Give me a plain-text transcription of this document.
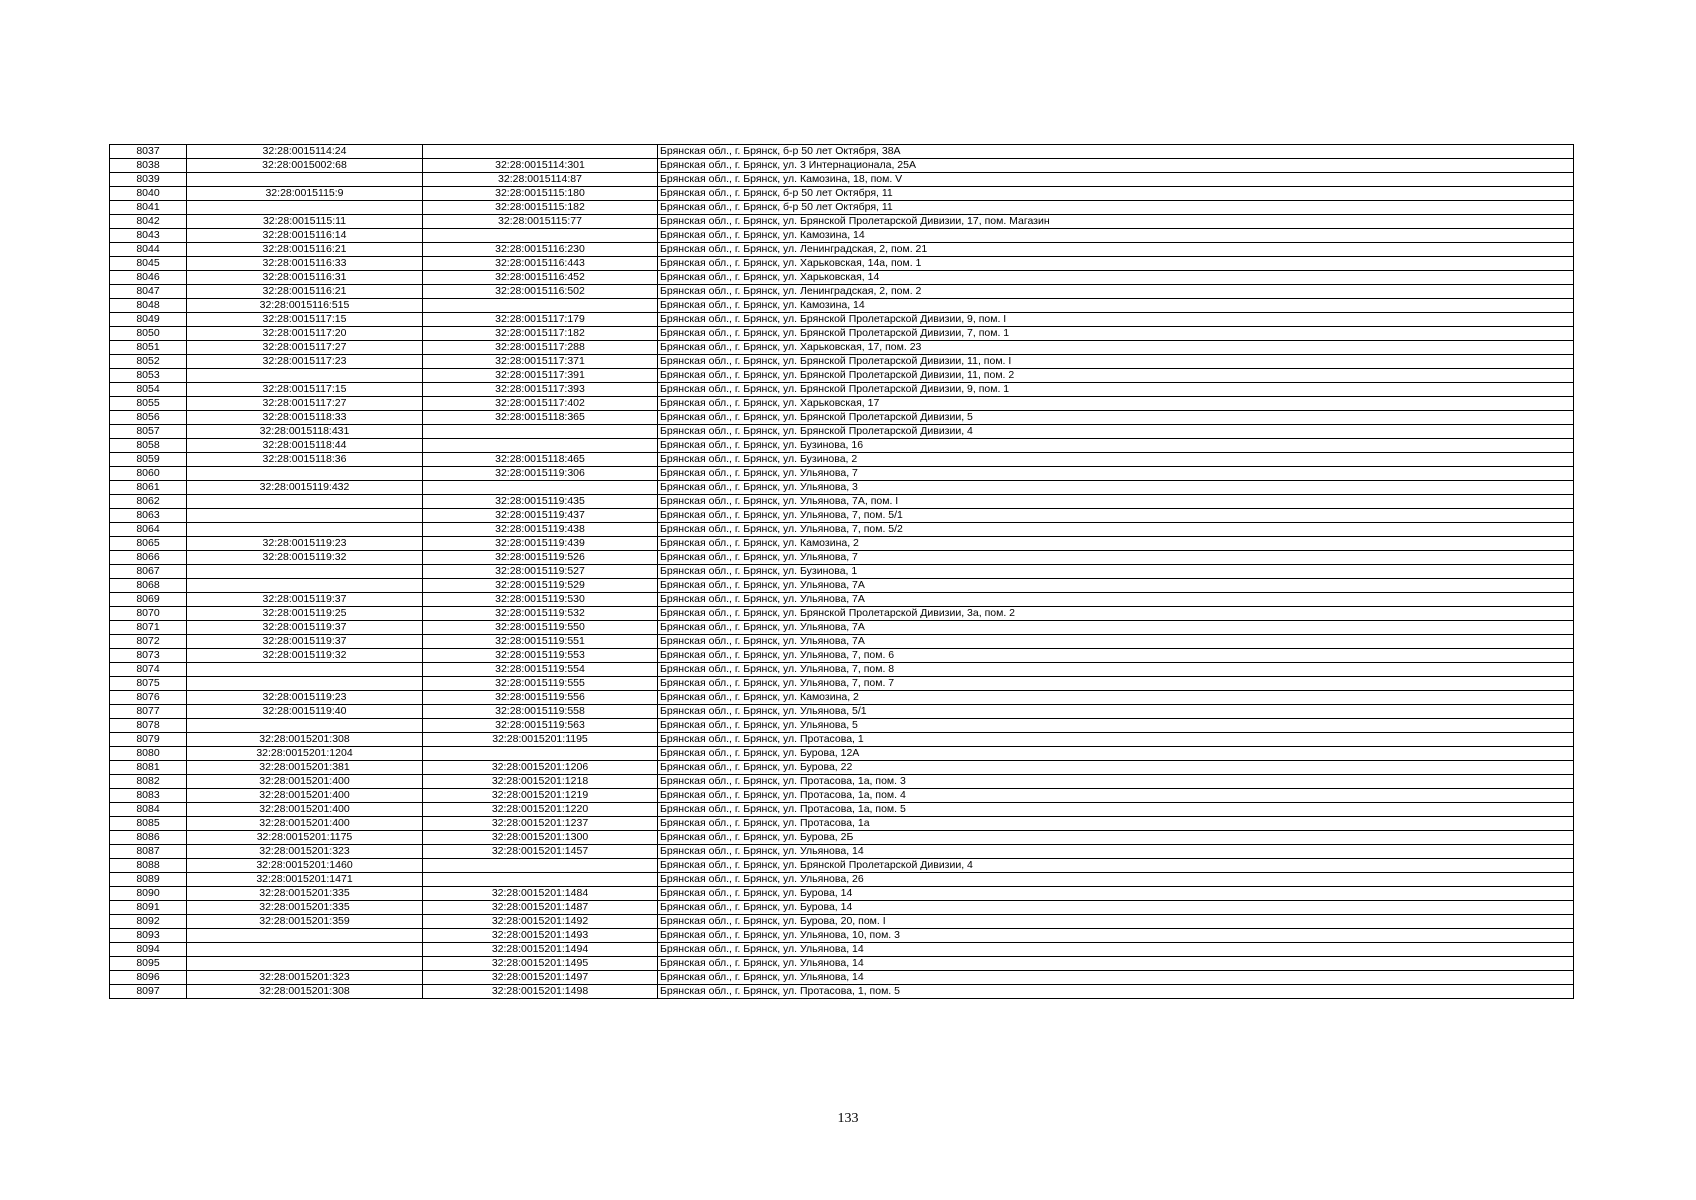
8037	32:28:0015114:24		Брянская обл., г. Брянск, б-р 50 лет Октября, 38А
8038	32:28:0015002:68	32:28:0015114:301	Брянская обл., г. Брянск, ул. 3 Интернационала, 25А
8039		32:28:0015114:87	Брянская обл., г. Брянск, ул. Камозина, 18, пом. V
8040	32:28:0015115:9	32:28:0015115:180	Брянская обл., г. Брянск, б-р 50 лет Октября, 11
8041		32:28:0015115:182	Брянская обл., г. Брянск, б-р 50 лет Октября, 11
8042	32:28:0015115:11	32:28:0015115:77	Брянская обл., г. Брянск, ул. Брянской Пролетарской Дивизии, 17, пом. Магазин
8043	32:28:0015116:14		Брянская обл., г. Брянск, ул. Камозина, 14
8044	32:28:0015116:21	32:28:0015116:230	Брянская обл., г. Брянск, ул. Ленинградская, 2, пом. 21
8045	32:28:0015116:33	32:28:0015116:443	Брянская обл., г. Брянск, ул. Харьковская, 14а, пом. 1
8046	32:28:0015116:31	32:28:0015116:452	Брянская обл., г. Брянск, ул. Харьковская, 14
8047	32:28:0015116:21	32:28:0015116:502	Брянская обл., г. Брянск, ул. Ленинградская, 2, пом. 2
8048	32:28:0015116:515		Брянская обл., г. Брянск, ул. Камозина, 14
8049	32:28:0015117:15	32:28:0015117:179	Брянская обл., г. Брянск, ул. Брянской Пролетарской Дивизии, 9, пом. I
8050	32:28:0015117:20	32:28:0015117:182	Брянская обл., г. Брянск, ул. Брянской Пролетарской Дивизии, 7, пом. 1
8051	32:28:0015117:27	32:28:0015117:288	Брянская обл., г. Брянск, ул. Харьковская, 17, пом. 23
8052	32:28:0015117:23	32:28:0015117:371	Брянская обл., г. Брянск, ул. Брянской Пролетарской Дивизии, 11, пом. I
8053		32:28:0015117:391	Брянская обл., г. Брянск, ул. Брянской Пролетарской Дивизии, 11, пом. 2
8054	32:28:0015117:15	32:28:0015117:393	Брянская обл., г. Брянск, ул. Брянской Пролетарской Дивизии, 9, пом. 1
8055	32:28:0015117:27	32:28:0015117:402	Брянская обл., г. Брянск, ул. Харьковская, 17
8056	32:28:0015118:33	32:28:0015118:365	Брянская обл., г. Брянск, ул. Брянской Пролетарской Дивизии, 5
8057	32:28:0015118:431		Брянская обл., г. Брянск, ул. Брянской Пролетарской Дивизии, 4
8058	32:28:0015118:44		Брянская обл., г. Брянск, ул. Бузинова, 16
8059	32:28:0015118:36	32:28:0015118:465	Брянская обл., г. Брянск, ул. Бузинова, 2
8060		32:28:0015119:306	Брянская обл., г. Брянск, ул. Ульянова, 7
8061	32:28:0015119:432		Брянская обл., г. Брянск, ул. Ульянова, 3
8062		32:28:0015119:435	Брянская обл., г. Брянск, ул. Ульянова, 7А, пом. I
8063		32:28:0015119:437	Брянская обл., г. Брянск, ул. Ульянова, 7, пом. 5/1
8064		32:28:0015119:438	Брянская обл., г. Брянск, ул. Ульянова, 7, пом. 5/2
8065	32:28:0015119:23	32:28:0015119:439	Брянская обл., г. Брянск, ул. Камозина, 2
8066	32:28:0015119:32	32:28:0015119:526	Брянская обл., г. Брянск, ул. Ульянова, 7
8067		32:28:0015119:527	Брянская обл., г. Брянск, ул. Бузинова, 1
8068		32:28:0015119:529	Брянская обл., г. Брянск, ул. Ульянова, 7А
8069	32:28:0015119:37	32:28:0015119:530	Брянская обл., г. Брянск, ул. Ульянова, 7А
8070	32:28:0015119:25	32:28:0015119:532	Брянская обл., г. Брянск, ул. Брянской Пролетарской Дивизии, 3а, пом. 2
8071	32:28:0015119:37	32:28:0015119:550	Брянская обл., г. Брянск, ул. Ульянова, 7А
8072	32:28:0015119:37	32:28:0015119:551	Брянская обл., г. Брянск, ул. Ульянова, 7А
8073	32:28:0015119:32	32:28:0015119:553	Брянская обл., г. Брянск, ул. Ульянова, 7, пом. 6
8074		32:28:0015119:554	Брянская обл., г. Брянск, ул. Ульянова, 7, пом. 8
8075		32:28:0015119:555	Брянская обл., г. Брянск, ул. Ульянова, 7, пом. 7
8076	32:28:0015119:23	32:28:0015119:556	Брянская обл., г. Брянск, ул. Камозина, 2
8077	32:28:0015119:40	32:28:0015119:558	Брянская обл., г. Брянск, ул. Ульянова, 5/1
8078		32:28:0015119:563	Брянская обл., г. Брянск, ул. Ульянова, 5
8079	32:28:0015201:308	32:28:0015201:1195	Брянская обл., г. Брянск, ул. Протасова, 1
8080	32:28:0015201:1204		Брянская обл., г. Брянск, ул. Бурова, 12А
8081	32:28:0015201:381	32:28:0015201:1206	Брянская обл., г. Брянск, ул. Бурова, 22
8082	32:28:0015201:400	32:28:0015201:1218	Брянская обл., г. Брянск, ул. Протасова, 1а, пом. 3
8083	32:28:0015201:400	32:28:0015201:1219	Брянская обл., г. Брянск, ул. Протасова, 1а, пом. 4
8084	32:28:0015201:400	32:28:0015201:1220	Брянская обл., г. Брянск, ул. Протасова, 1а, пом. 5
8085	32:28:0015201:400	32:28:0015201:1237	Брянская обл., г. Брянск, ул. Протасова, 1а
8086	32:28:0015201:1175	32:28:0015201:1300	Брянская обл., г. Брянск, ул. Бурова, 2Б
8087	32:28:0015201:323	32:28:0015201:1457	Брянская обл., г. Брянск, ул. Ульянова, 14
8088	32:28:0015201:1460		Брянская обл., г. Брянск, ул. Брянской Пролетарской Дивизии, 4
8089	32:28:0015201:1471		Брянская обл., г. Брянск, ул. Ульянова, 26
8090	32:28:0015201:335	32:28:0015201:1484	Брянская обл., г. Брянск, ул. Бурова, 14
8091	32:28:0015201:335	32:28:0015201:1487	Брянская обл., г. Брянск, ул. Бурова, 14
8092	32:28:0015201:359	32:28:0015201:1492	Брянская обл., г. Брянск, ул. Бурова, 20, пом. I
8093		32:28:0015201:1493	Брянская обл., г. Брянск, ул. Ульянова, 10, пом. 3
8094		32:28:0015201:1494	Брянская обл., г. Брянск, ул. Ульянова, 14
8095		32:28:0015201:1495	Брянская обл., г. Брянск, ул. Ульянова, 14
8096	32:28:0015201:323	32:28:0015201:1497	Брянская обл., г. Брянск, ул. Ульянова, 14
8097	32:28:0015201:308	32:28:0015201:1498	Брянская обл., г. Брянск, ул. Протасова, 1, пом. 5
133
